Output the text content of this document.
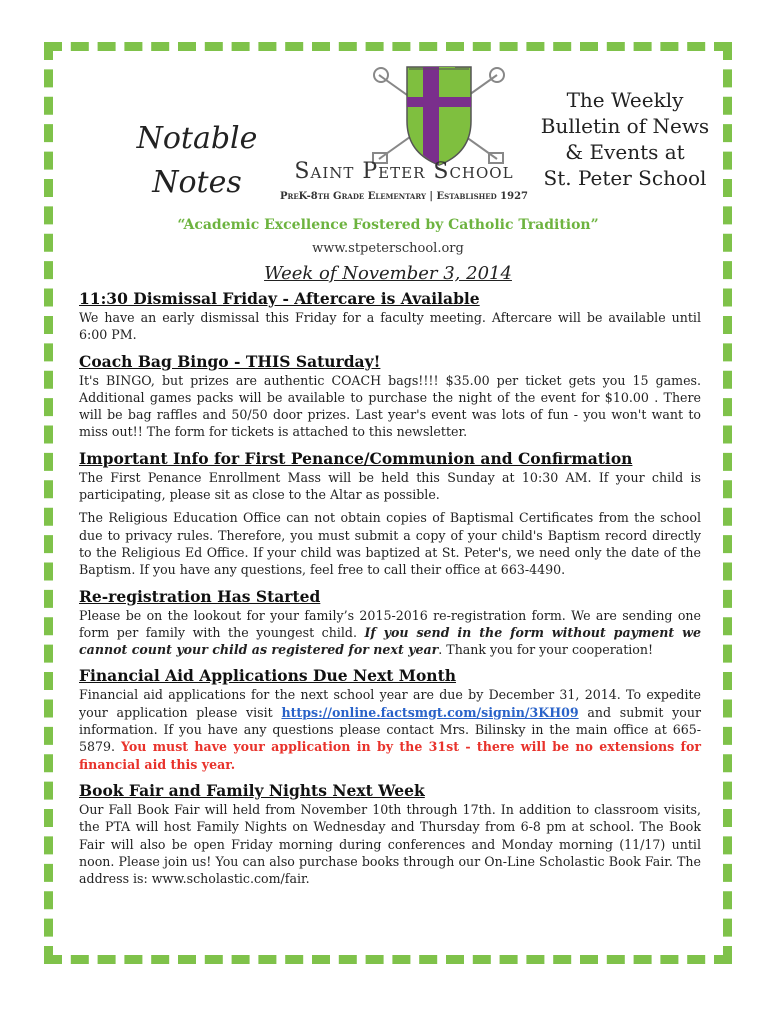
Notable
Notes	Saint Peter School
PreK-8th Grade Elementary | Established 1927
The Weekly
Bulletin of News
& Events at
St. Peter School
“Academic Excellence Fostered by Catholic Tradition”
www.stpeterschool.org
Week of November 3, 2014
11:30 Dismissal Friday - Aftercare is Available

We have an early dismissal this Friday for a faculty meeting. Aftercare will be available until 6:00 PM.

Coach Bag Bingo - THIS Saturday!

It's BINGO, but prizes are authentic COACH bags!!!! $35.00 per ticket gets you 15 games. Additional games packs will be available to purchase the night of the event for $10.00 . There will be bag raffles and 50/50 door prizes. Last year's event was lots of fun - you won't want to miss out!! The form for tickets is attached to this newsletter.

Important Info for First Penance/Communion and Confirmation

The First Penance Enrollment Mass will be held this Sunday at 10:30 AM. If your child is participating, please sit as close to the Altar as possible.

The Religious Education Office can not obtain copies of Baptismal Certificates from the school due to privacy rules. Therefore, you must submit a copy of your child's Baptism record directly to the Religious Ed Office. If your child was baptized at St. Peter's, we need only the date of the Baptism. If you have any questions, feel free to call their office at 663-4490.

Re-registration Has Started

Please be on the lookout for your family’s 2015-2016 re-registration form. We are sending one form per family with the youngest child. If you send in the form without payment we cannot count your child as registered for next year. Thank you for your cooperation!

Financial Aid Applications Due Next Month

Financial aid applications for the next school year are due by December 31, 2014. To expedite your application please visit https://online.factsmgt.com/signin/3KH09 and submit your information. If you have any questions please contact Mrs. Bilinsky in the main office at 665-5879. You must have your application in by the 31st - there will be no extensions for financial aid this year.

Book Fair and Family Nights Next Week

Our Fall Book Fair will held from November 10th through 17th. In addition to classroom visits, the PTA will host Family Nights on Wednesday and Thursday from 6-8 pm at school. The Book Fair will also be open Friday morning during conferences and Monday morning (11/17) until noon. Please join us! You can also purchase books through our On-Line Scholastic Book Fair. The address is: www.scholastic.com/fair.
